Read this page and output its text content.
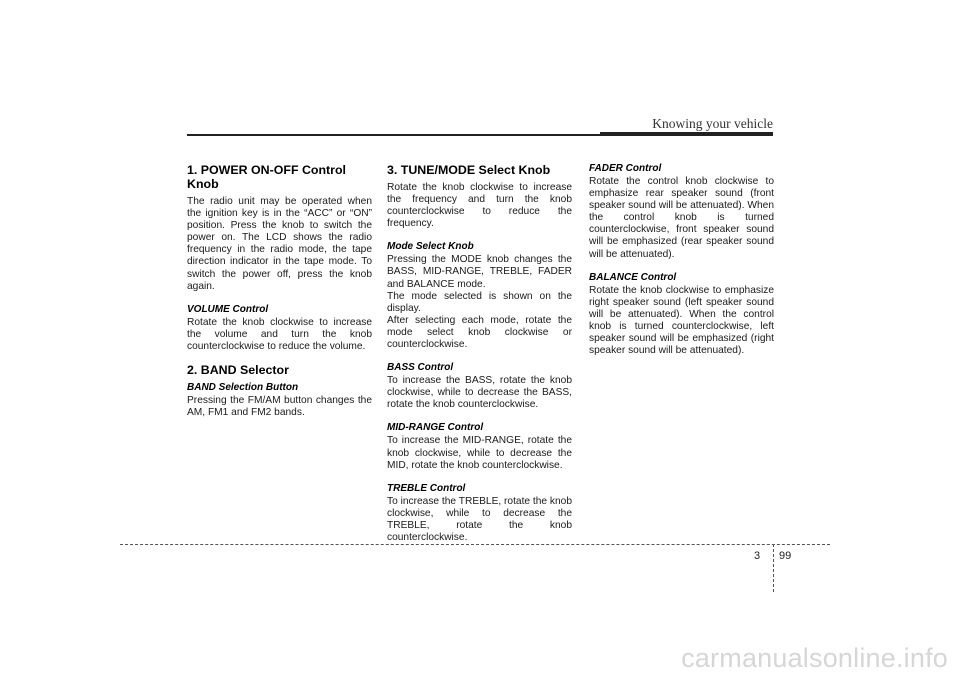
Knowing your vehicle
1. POWER ON-OFF Control Knob

The radio unit may be operated when the ignition key is in the “ACC” or “ON” position. Press the knob to switch the power on. The LCD shows the radio frequency in the radio mode, the tape direction indicator in the tape mode. To switch the power off, press the knob again.

VOLUME Control

Rotate the knob clockwise to increase the volume and turn the knob counterclockwise to reduce the volume.

2. BAND Selector
BAND Selection Button

Pressing the FM/AM button changes the AM, FM1 and FM2 bands.

3. TUNE/MODE Select Knob

Rotate the knob clockwise to increase the frequency and turn the knob counterclockwise to reduce the frequency.

Mode Select Knob

Pressing the MODE knob changes the BASS, MID-RANGE, TREBLE, FADER and BALANCE mode.

The mode selected is shown on the display.

After selecting each mode, rotate the mode select knob clockwise or counterclockwise.

BASS Control

To increase the BASS, rotate the knob clockwise, while to decrease the BASS, rotate the knob counterclockwise.

MID-RANGE Control

To increase the MID-RANGE, rotate the knob clockwise, while to decrease the MID, rotate the knob counterclockwise.

TREBLE Control

To increase the TREBLE, rotate the knob clockwise, while to decrease the TREBLE, rotate the knob counterclockwise.

FADER Control

Rotate the control knob clockwise to emphasize rear speaker sound (front speaker sound will be attenuated). When the control knob is turned counterclockwise, front speaker sound will be emphasized (rear speaker sound will be attenuated).

BALANCE Control

Rotate the knob clockwise to emphasize right speaker sound (left speaker sound will be attenuated). When the control knob is turned counterclockwise, left speaker sound will be emphasized (right speaker sound will be attenuated).

3 99
carmanualsonline.info
